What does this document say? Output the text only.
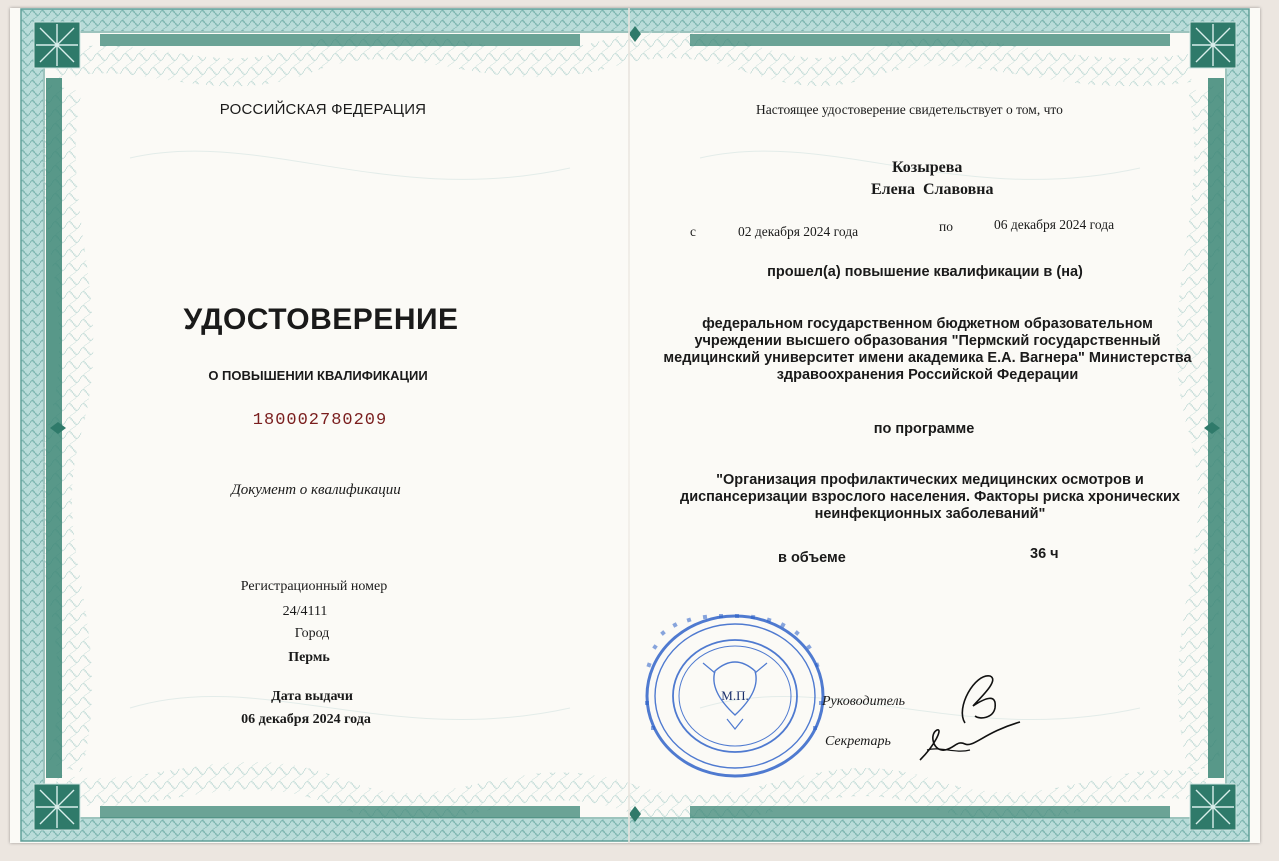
РОССИЙСКАЯ ФЕДЕРАЦИЯ
УДОСТОВЕРЕНИЕ
О ПОВЫШЕНИИ КВАЛИФИКАЦИИ
180002780209
Документ о квалификации
Регистрационный номер
24/4111
Город
Пермь
Дата выдачи
06 декабря 2024 года
Настоящее удостоверение свидетельствует о том, что
Козырева
Елена  Славовна
с	02 декабря 2024 года	по	06 декабря 2024 года
прошел(а) повышение квалификации в (на)
федеральном государственном бюджетном образовательном учреждении высшего образования "Пермский государственный медицинский университет имени академика Е.А. Вагнера" Министерства здравоохранения Российской Федерации
по программе
"Организация профилактических медицинских осмотров и диспансеризации взрослого населения. Факторы риска хронических неинфекционных заболеваний"
в объеме	36 ч
М.П.	Руководитель
Секретарь
